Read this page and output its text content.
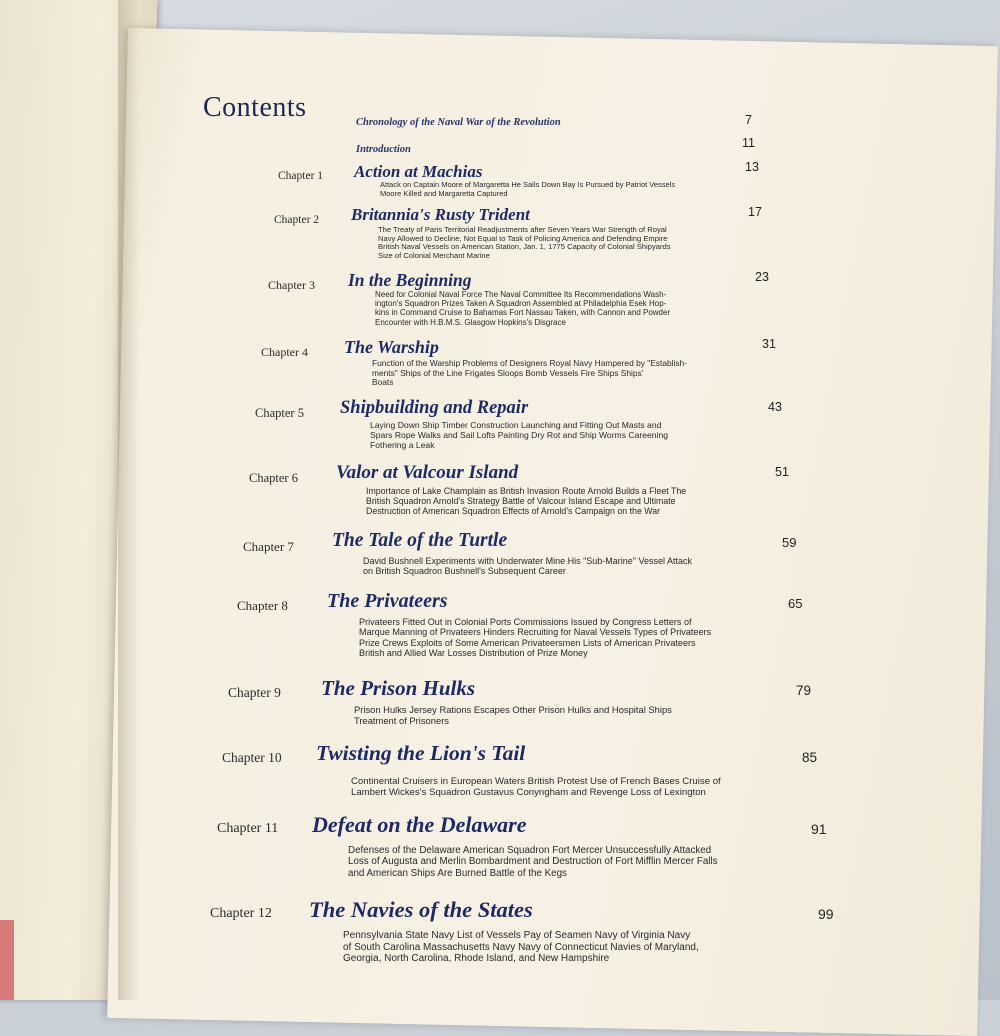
Contents	Chronology of the Naval War of the Revolution	7
Introduction	11
Chapter 1 Action at Machias	13
Attack on Captain Moore of Margaretta He Sails Down Bay Is Pursued by Patriot Vessels
Moore Killed and Margaretta Captured
Chapter 2 Britannia's Rusty Trident	17
The Treaty of Paris Territorial Readjustments after Seven Years War Strength of Royal
Navy Allowed to Decline, Not Equal to Task of Policing America and Defending Empire
British Naval Vessels on American Station, Jan. 1, 1775 Capacity of Colonial Shipyards
Size of Colonial Merchant Marine
Chapter 3 In the Beginning	23
Need for Colonial Naval Force The Naval Committee Its Recommendations Wash-
ington's Squadron Prizes Taken A Squadron Assembled at Philadelphia Esek Hop-
kins in Command Cruise to Bahamas Fort Nassau Taken, with Cannon and Powder
Encounter with H.B.M.S. Glasgow Hopkins's Disgrace
Chapter 4 The Warship	31
Function of the Warship Problems of Designers Royal Navy Hampered by "Establish-
ments" Ships of the Line Frigates Sloops Bomb Vessels Fire Ships Ships'
Boats
Chapter 5 Shipbuilding and Repair	43
Laying Down Ship Timber Construction Launching and Fitting Out Masts and
Spars Rope Walks and Sail Lofts Painting Dry Rot and Ship Worms Careening
Fothering a Leak
Chapter 6 Valor at Valcour Island	51
Importance of Lake Champlain as British Invasion Route Arnold Builds a Fleet The
British Squadron Arnold's Strategy Battle of Valcour Island Escape and Ultimate
Destruction of American Squadron Effects of Arnold's Campaign on the War
Chapter 7 The Tale of the Turtle	59
David Bushnell Experiments with Underwater Mine His "Sub-Marine" Vessel Attack
on British Squadron Bushnell's Subsequent Career
Chapter 8 The Privateers	65
Privateers Fitted Out in Colonial Ports Commissions Issued by Congress Letters of
Marque Manning of Privateers Hinders Recruiting for Naval Vessels Types of Privateers
Prize Crews Exploits of Some American Privateersmen Lists of American Privateers
British and Allied War Losses Distribution of Prize Money
Chapter 9 The Prison Hulks	79
Prison Hulks Jersey Rations Escapes Other Prison Hulks and Hospital Ships
Treatment of Prisoners
Chapter 10 Twisting the Lion's Tail	85
Continental Cruisers in European Waters British Protest Use of French Bases Cruise of
Lambert Wickes's Squadron Gustavus Conyngham and Revenge Loss of Lexington
Chapter 11 Defeat on the Delaware	91
Defenses of the Delaware American Squadron Fort Mercer Unsuccessfully Attacked
Loss of Augusta and Merlin Bombardment and Destruction of Fort Mifflin Mercer Falls
and American Ships Are Burned Battle of the Kegs
Chapter 12 The Navies of the States	99
Pennsylvania State Navy List of Vessels Pay of Seamen Navy of Virginia Navy
of South Carolina Massachusetts Navy Navy of Connecticut Navies of Maryland,
Georgia, North Carolina, Rhode Island, and New Hampshire
